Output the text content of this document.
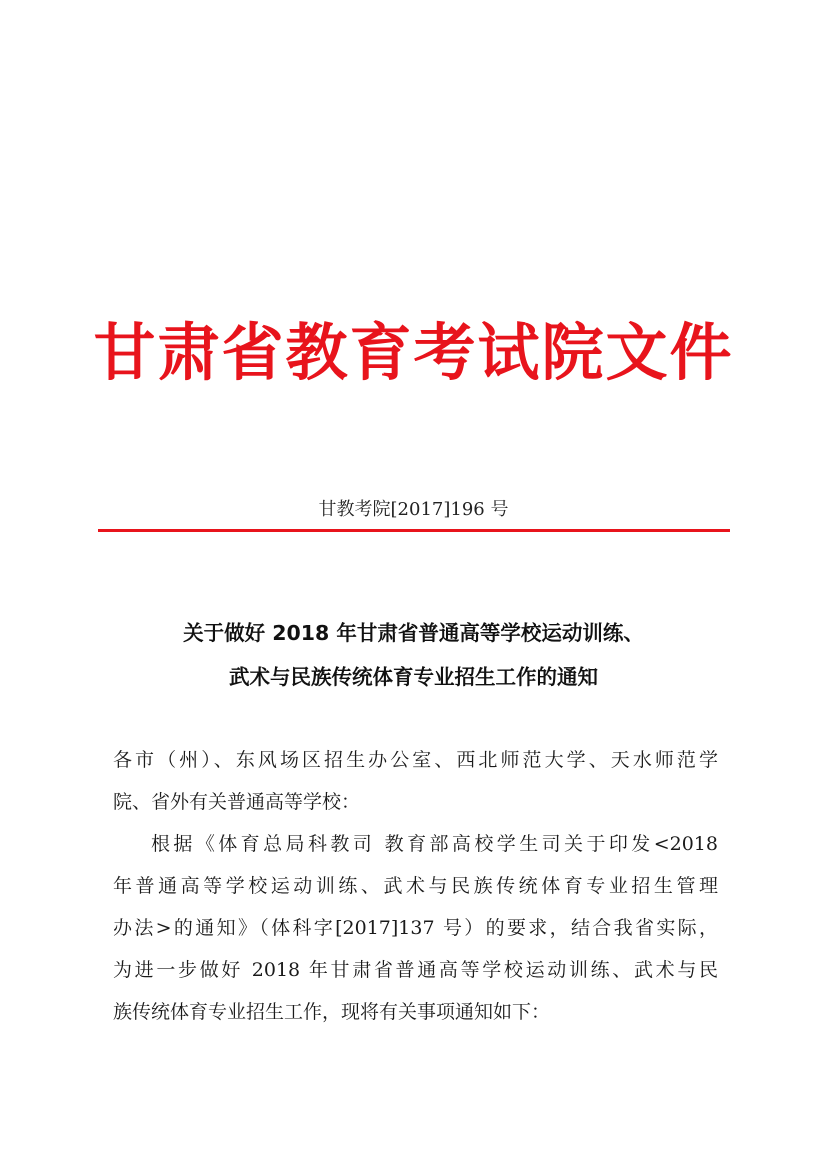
甘肃省教育考试院文件
甘教考院[2017]196 号
关于做好 2018 年甘肃省普通高等学校运动训练、
武术与民族传统体育专业招生工作的通知
各市（州）、东风场区招生办公室、西北师范大学、天水师范学
院、省外有关普通高等学校：
根据《体育总局科教司 教育部高校学生司关于印发<2018
年普通高等学校运动训练、武术与民族传统体育专业招生管理
办法>的通知》（体科字[2017]137 号）的要求，结合我省实际，
为进一步做好 2018 年甘肃省普通高等学校运动训练、武术与民
族传统体育专业招生工作，现将有关事项通知如下：
